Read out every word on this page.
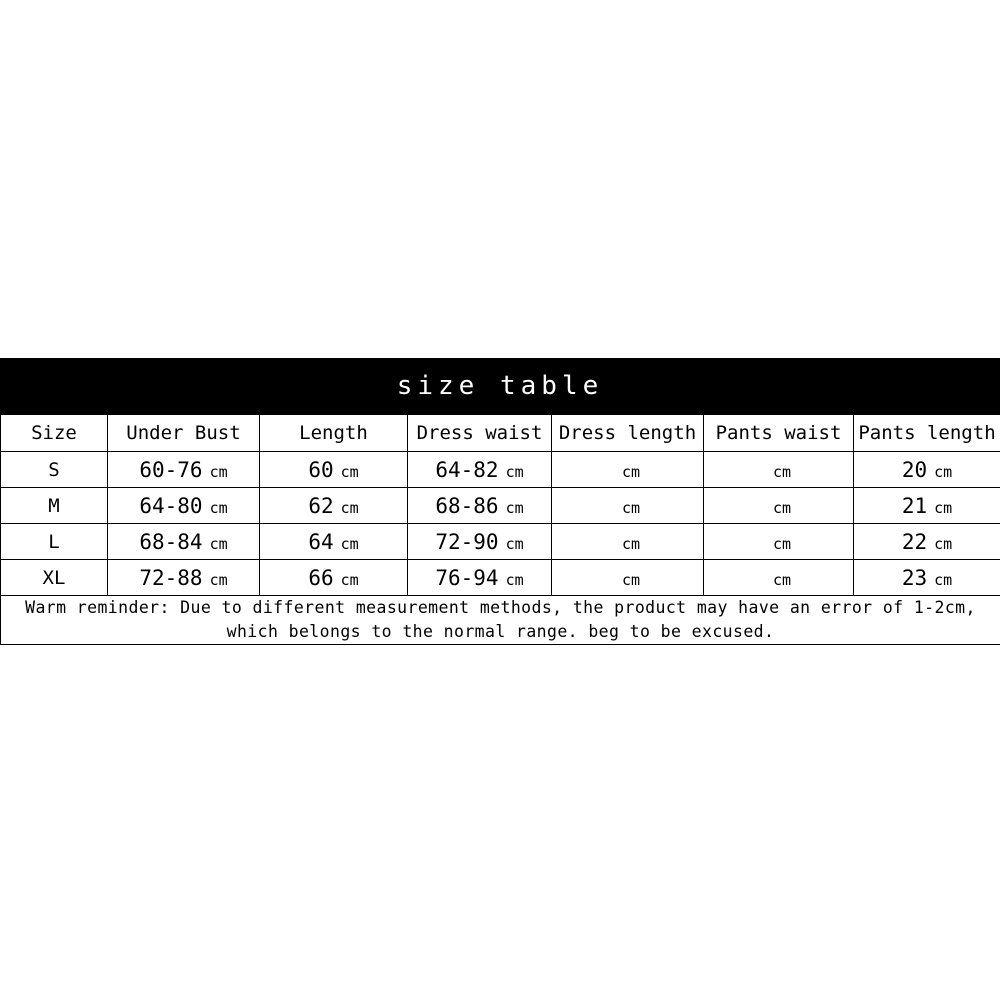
size table
Size	Under Bust	Length	Dress waist	Dress length	Pants waist	Pants length
S	60-76 cm	60 cm	64-82 cm	cm	cm	20 cm
M	64-80 cm	62 cm	68-86 cm	cm	cm	21 cm
L	68-84 cm	64 cm	72-90 cm	cm	cm	22 cm
XL	72-88 cm	66 cm	76-94 cm	cm	cm	23 cm
Warm reminder: Due to different measurement methods, the product may have an error of 1-2cm, which belongs to the normal range. beg to be excused.						
